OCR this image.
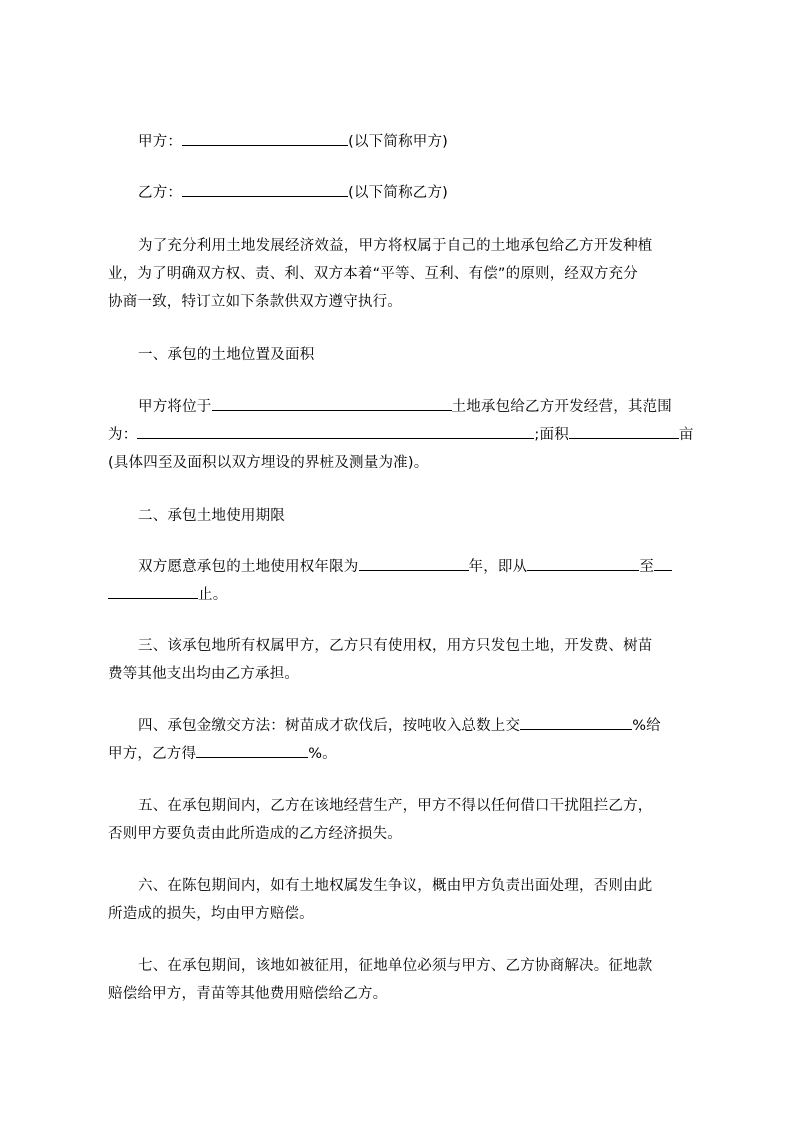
甲方：	(以下简称甲方)
乙方：	(以下简称乙方)
为了充分利用土地发展经济效益，甲方将权属于自己的土地承包给乙方开发种植
业，为了明确双方权、责、利、双方本着“平等、互利、有偿”的原则，经双方充分
协商一致，特订立如下条款供双方遵守执行。
一、承包的土地位置及面积
甲方将位于	土地承包给乙方开发经营，其范围
为：	;面积	亩
(具体四至及面积以双方埋设的界桩及测量为准)。
二、承包土地使用期限
双方愿意承包的土地使用权年限为	年，即从	至
止。
三、该承包地所有权属甲方，乙方只有使用权，用方只发包土地，开发费、树苗
费等其他支出均由乙方承担。
四、承包金缴交方法：树苗成才砍伐后，按吨收入总数上交	%给
甲方，乙方得	%。
五、在承包期间内，乙方在该地经营生产，甲方不得以任何借口干扰阻拦乙方，
否则甲方要负责由此所造成的乙方经济损失。
六、在陈包期间内，如有土地权属发生争议，概由甲方负责出面处理，否则由此
所造成的损失，均由甲方赔偿。
七、在承包期间，该地如被征用，征地单位必须与甲方、乙方协商解决。征地款
赔偿给甲方，青苗等其他费用赔偿给乙方。
